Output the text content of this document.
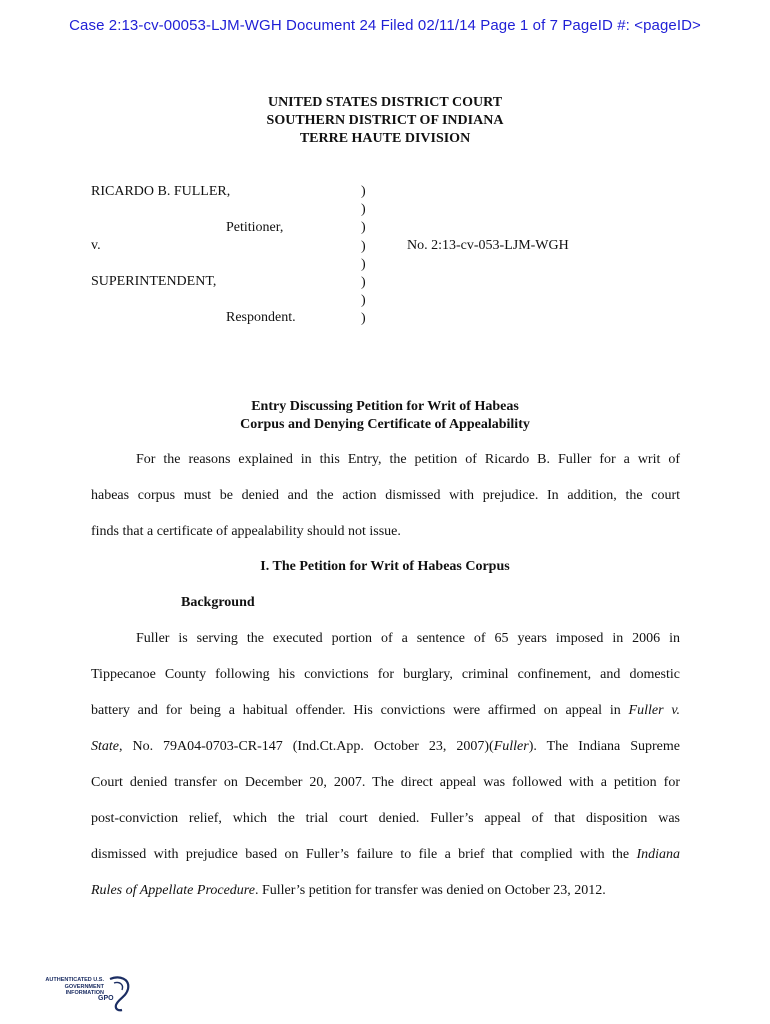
Case 2:13-cv-00053-LJM-WGH Document 24 Filed 02/11/14 Page 1 of 7 PageID #: <pageID>
UNITED STATES DISTRICT COURT
SOUTHERN DISTRICT OF INDIANA
TERRE HAUTE DIVISION
RICARDO B. FULLER,
Petitioner,
v.
SUPERINTENDENT,
Respondent.
No. 2:13-cv-053-LJM-WGH
)
)
)
)
)
)
)
)
Entry Discussing Petition for Writ of Habeas
Corpus and Denying Certificate of Appealability
For the reasons explained in this Entry, the petition of Ricardo B. Fuller for a writ of
habeas corpus must be denied and the action dismissed with prejudice. In addition, the court
finds that a certificate of appealability should not issue.
I. The Petition for Writ of Habeas Corpus
Background
Fuller is serving the executed portion of a sentence of 65 years imposed in 2006 in
Tippecanoe County following his convictions for burglary, criminal confinement, and domestic
battery and for being a habitual offender. His convictions were affirmed on appeal in Fuller v.
State, No. 79A04-0703-CR-147 (Ind.Ct.App. October 23, 2007)(Fuller). The Indiana Supreme
Court denied transfer on December 20, 2007. The direct appeal was followed with a petition for
post-conviction relief, which the trial court denied. Fuller’s appeal of that disposition was
dismissed with prejudice based on Fuller’s failure to file a brief that complied with the Indiana
Rules of Appellate Procedure. Fuller’s petition for transfer was denied on October 23, 2012.
AUTHENTICATED U.S. GOVERNMENT INFORMATION
GPO
